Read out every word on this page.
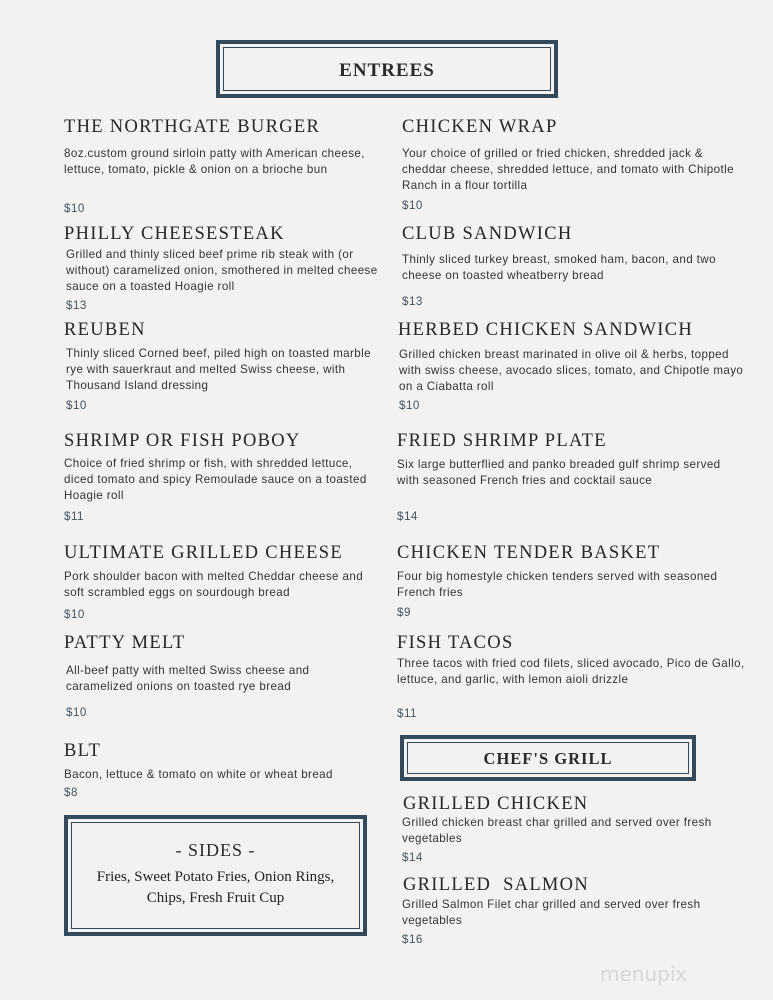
ENTREES
CHEF'S GRILL
- SIDES -
Fries, Sweet Potato Fries, Onion Rings, Chips, Fresh Fruit Cup
THE NORTHGATE BURGER
8oz.custom ground sirloin patty with American cheese, lettuce, tomato, pickle & onion on a brioche bun
$10
PHILLY CHEESESTEAK
Grilled and thinly sliced beef prime rib steak with (or without) caramelized onion, smothered in melted cheese sauce on a toasted Hoagie roll
$13
REUBEN
Thinly sliced Corned beef, piled high on toasted marble rye with sauerkraut and melted Swiss cheese, with Thousand Island dressing
$10
SHRIMP OR FISH POBOY
Choice of fried shrimp or fish, with shredded lettuce, diced tomato and spicy Remoulade sauce on a toasted Hoagie roll
$11
ULTIMATE GRILLED CHEESE
Pork shoulder bacon with melted Cheddar cheese and soft scrambled eggs on sourdough bread
$10
PATTY MELT
All-beef patty with melted Swiss cheese and caramelized onions on toasted rye bread
$10
BLT
Bacon, lettuce & tomato on white or wheat bread
$8
CHICKEN WRAP
Your choice of grilled or fried chicken, shredded jack & cheddar cheese, shredded lettuce, and tomato with Chipotle Ranch in a flour tortilla
$10
CLUB SANDWICH
Thinly sliced turkey breast, smoked ham, bacon, and two cheese on toasted wheatberry bread
$13
HERBED CHICKEN SANDWICH
Grilled chicken breast marinated in olive oil & herbs, topped with swiss cheese, avocado slices, tomato, and Chipotle mayo on a Ciabatta roll
$10
FRIED SHRIMP PLATE
Six large butterflied and panko breaded gulf shrimp served with seasoned French fries and cocktail sauce
$14
CHICKEN TENDER BASKET
Four big homestyle chicken tenders served with seasoned French fries
$9
FISH TACOS
Three tacos with fried cod filets, sliced avocado, Pico de Gallo, lettuce, and garlic, with lemon aioli drizzle
$11
GRILLED CHICKEN
Grilled chicken breast char grilled and served over fresh vegetables
$14
GRILLED  SALMON
Grilled Salmon Filet char grilled and served over fresh vegetables
$16
menupix
